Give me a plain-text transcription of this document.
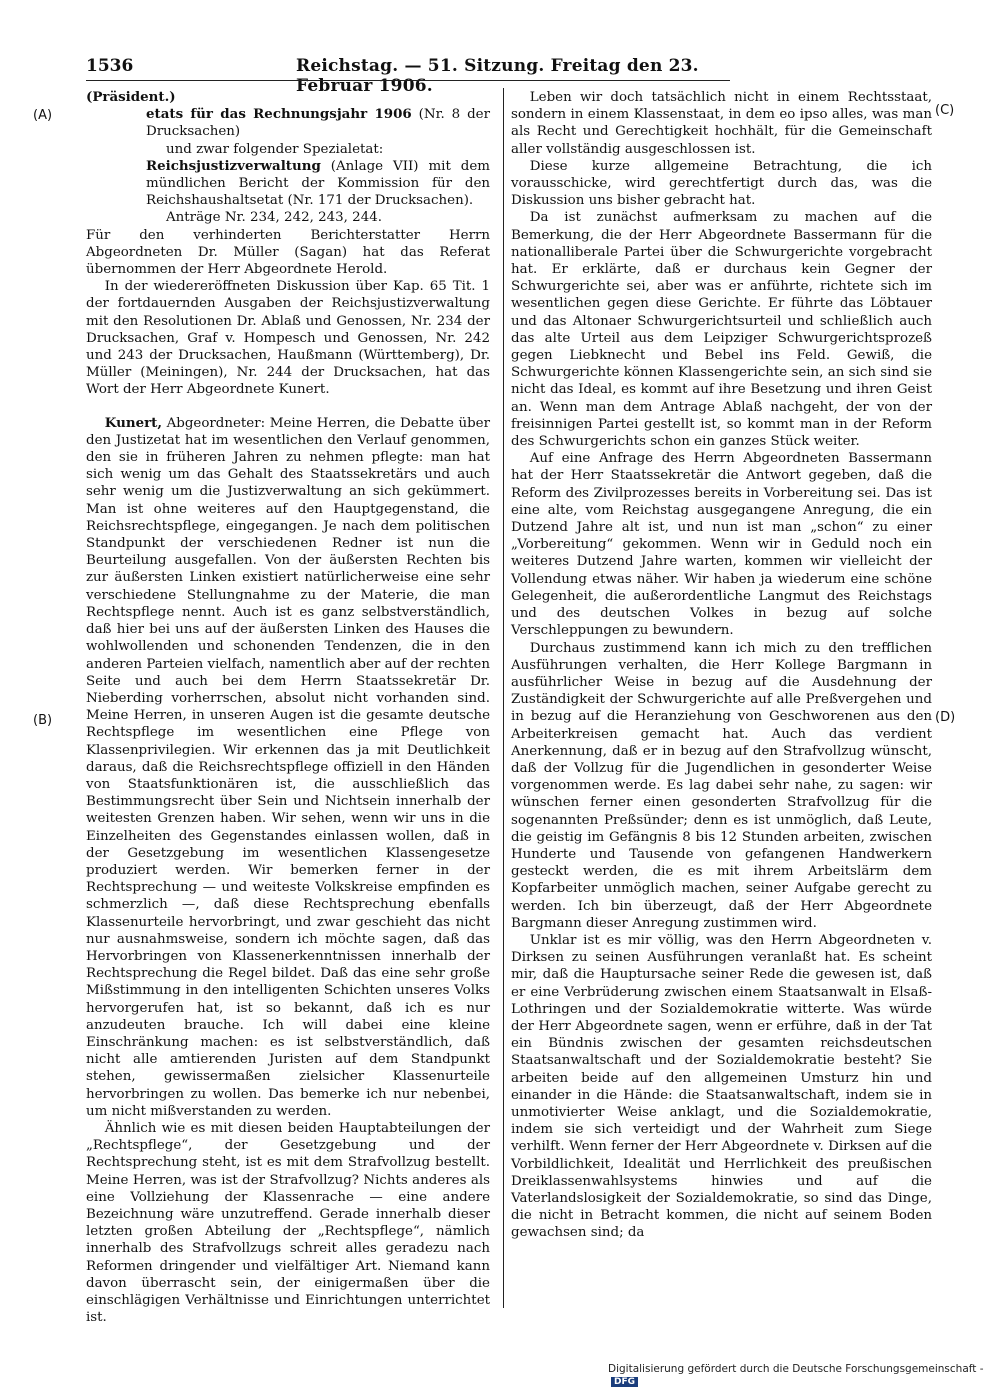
1536	Reichstag. — 51. Sitzung. Freitag den 23. Februar 1906.
(A)
(B)
(C)
(D)

(Präsident.)

etats für das Rechnungsjahr 1906 (Nr. 8 der Drucksachen)

und zwar folgender Spezialetat:

Reichsjustizverwaltung (Anlage VII) mit dem mündlichen Bericht der Kommission für den Reichshaushaltsetat (Nr. 171 der Drucksachen).

Anträge Nr. 234, 242, 243, 244.

Für den verhinderten Berichterstatter Herrn Abgeordneten Dr. Müller (Sagan) hat das Referat übernommen der Herr Abgeordnete Herold.

In der wiedereröffneten Diskussion über Kap. 65 Tit. 1 der fortdauernden Ausgaben der Reichsjustizverwaltung mit den Resolutionen Dr. Ablaß und Genossen, Nr. 234 der Drucksachen, Graf v. Hompesch und Genossen, Nr. 242 und 243 der Drucksachen, Haußmann (Württemberg), Dr. Müller (Meiningen), Nr. 244 der Drucksachen, hat das Wort der Herr Abgeordnete Kunert.

Kunert, Abgeordneter: Meine Herren, die Debatte über den Justizetat hat im wesentlichen den Verlauf genommen, den sie in früheren Jahren zu nehmen pflegte: man hat sich wenig um das Gehalt des Staatssekretärs und auch sehr wenig um die Justizverwaltung an sich gekümmert. Man ist ohne weiteres auf den Hauptgegenstand, die Reichsrechtspflege, eingegangen. Je nach dem politischen Standpunkt der verschiedenen Redner ist nun die Beurteilung ausgefallen. Von der äußersten Rechten bis zur äußersten Linken existiert natürlicherweise eine sehr verschiedene Stellungnahme zu der Materie, die man Rechtspflege nennt. Auch ist es ganz selbstverständlich, daß hier bei uns auf der äußersten Linken des Hauses die wohlwollenden und schonenden Tendenzen, die in den anderen Parteien vielfach, namentlich aber auf der rechten Seite und auch bei dem Herrn Staatssekretär Dr. Nieberding vorherrschen, absolut nicht vorhanden sind. Meine Herren, in unseren Augen ist die gesamte deutsche Rechtspflege im wesentlichen eine Pflege von Klassenprivilegien. Wir erkennen das ja mit Deutlichkeit daraus, daß die Reichsrechtspflege offiziell in den Händen von Staatsfunktionären ist, die ausschließlich das Bestimmungsrecht über Sein und Nichtsein innerhalb der weitesten Grenzen haben. Wir sehen, wenn wir uns in die Einzelheiten des Gegenstandes einlassen wollen, daß in der Gesetzgebung im wesentlichen Klassengesetze produziert werden. Wir bemerken ferner in der Rechtsprechung — und weiteste Volkskreise empfinden es schmerzlich —, daß diese Rechtsprechung ebenfalls Klassenurteile hervorbringt, und zwar geschieht das nicht nur ausnahmsweise, sondern ich möchte sagen, daß das Hervorbringen von Klassenerkenntnissen innerhalb der Rechtsprechung die Regel bildet. Daß das eine sehr große Mißstimmung in den intelligenten Schichten unseres Volks hervorgerufen hat, ist so bekannt, daß ich es nur anzudeuten brauche. Ich will dabei eine kleine Einschränkung machen: es ist selbstverständlich, daß nicht alle amtierenden Juristen auf dem Standpunkt stehen, gewissermaßen zielsicher Klassenurteile hervorbringen zu wollen. Das bemerke ich nur nebenbei, um nicht mißverstanden zu werden.

Ähnlich wie es mit diesen beiden Hauptabteilungen der „Rechtspflege“, der Gesetzgebung und der Rechtsprechung steht, ist es mit dem Strafvollzug bestellt. Meine Herren, was ist der Strafvollzug? Nichts anderes als eine Vollziehung der Klassenrache — eine andere Bezeichnung wäre unzutreffend. Gerade innerhalb dieser letzten großen Abteilung der „Rechtspflege“, nämlich innerhalb des Strafvollzugs schreit alles geradezu nach Reformen dringender und vielfältiger Art. Niemand kann davon überrascht sein, der einigermaßen über die einschlägigen Verhältnisse und Einrichtungen unterrichtet ist.

Leben wir doch tatsächlich nicht in einem Rechtsstaat, sondern in einem Klassenstaat, in dem eo ipso alles, was man als Recht und Gerechtigkeit hochhält, für die Gemeinschaft aller vollständig ausgeschlossen ist.

Diese kurze allgemeine Betrachtung, die ich vorausschicke, wird gerechtfertigt durch das, was die Diskussion uns bisher gebracht hat.

Da ist zunächst aufmerksam zu machen auf die Bemerkung, die der Herr Abgeordnete Bassermann für die nationalliberale Partei über die Schwurgerichte vorgebracht hat. Er erklärte, daß er durchaus kein Gegner der Schwurgerichte sei, aber was er anführte, richtete sich im wesentlichen gegen diese Gerichte. Er führte das Löbtauer und das Altonaer Schwurgerichtsurteil und schließlich auch das alte Urteil aus dem Leipziger Schwurgerichtsprozeß gegen Liebknecht und Bebel ins Feld. Gewiß, die Schwurgerichte können Klassengerichte sein, an sich sind sie nicht das Ideal, es kommt auf ihre Besetzung und ihren Geist an. Wenn man dem Antrage Ablaß nachgeht, der von der freisinnigen Partei gestellt ist, so kommt man in der Reform des Schwurgerichts schon ein ganzes Stück weiter.

Auf eine Anfrage des Herrn Abgeordneten Bassermann hat der Herr Staatssekretär die Antwort gegeben, daß die Reform des Zivilprozesses bereits in Vorbereitung sei. Das ist eine alte, vom Reichstag ausgegangene Anregung, die ein Dutzend Jahre alt ist, und nun ist man „schon“ zu einer „Vorbereitung“ gekommen. Wenn wir in Geduld noch ein weiteres Dutzend Jahre warten, kommen wir vielleicht der Vollendung etwas näher. Wir haben ja wiederum eine schöne Gelegenheit, die außerordentliche Langmut des Reichstags und des deutschen Volkes in bezug auf solche Verschleppungen zu bewundern.

Durchaus zustimmend kann ich mich zu den trefflichen Ausführungen verhalten, die Herr Kollege Bargmann in ausführlicher Weise in bezug auf die Ausdehnung der Zuständigkeit der Schwurgerichte auf alle Preßvergehen und in bezug auf die Heranziehung von Geschworenen aus den Arbeiterkreisen gemacht hat. Auch das verdient Anerkennung, daß er in bezug auf den Strafvollzug wünscht, daß der Vollzug für die Jugendlichen in gesonderter Weise vorgenommen werde. Es lag dabei sehr nahe, zu sagen: wir wünschen ferner einen gesonderten Strafvollzug für die sogenannten Preßsünder; denn es ist unmöglich, daß Leute, die geistig im Gefängnis 8 bis 12 Stunden arbeiten, zwischen Hunderte und Tausende von gefangenen Handwerkern gesteckt werden, die es mit ihrem Arbeitslärm dem Kopfarbeiter unmöglich machen, seiner Aufgabe gerecht zu werden. Ich bin überzeugt, daß der Herr Abgeordnete Bargmann dieser Anregung zustimmen wird.

Unklar ist es mir völlig, was den Herrn Abgeordneten v. Dirksen zu seinen Ausführungen veranlaßt hat. Es scheint mir, daß die Hauptursache seiner Rede die gewesen ist, daß er eine Verbrüderung zwischen einem Staatsanwalt in Elsaß-Lothringen und der Sozialdemokratie witterte. Was würde der Herr Abgeordnete sagen, wenn er erführe, daß in der Tat ein Bündnis zwischen der gesamten reichsdeutschen Staatsanwaltschaft und der Sozialdemokratie besteht? Sie arbeiten beide auf den allgemeinen Umsturz hin und einander in die Hände: die Staatsanwaltschaft, indem sie in unmotivierter Weise anklagt, und die Sozialdemokratie, indem sie sich verteidigt und der Wahrheit zum Siege verhilft. Wenn ferner der Herr Abgeordnete v. Dirksen auf die Vorbildlichkeit, Idealität und Herrlichkeit des preußischen Dreiklassenwahlsystems hinwies und auf die Vaterlandslosigkeit der Sozialdemokratie, so sind das Dinge, die nicht in Betracht kommen, die nicht auf seinem Boden gewachsen sind; da

Digitalisierung gefördert durch die Deutsche Forschungsgemeinschaft -DFG
